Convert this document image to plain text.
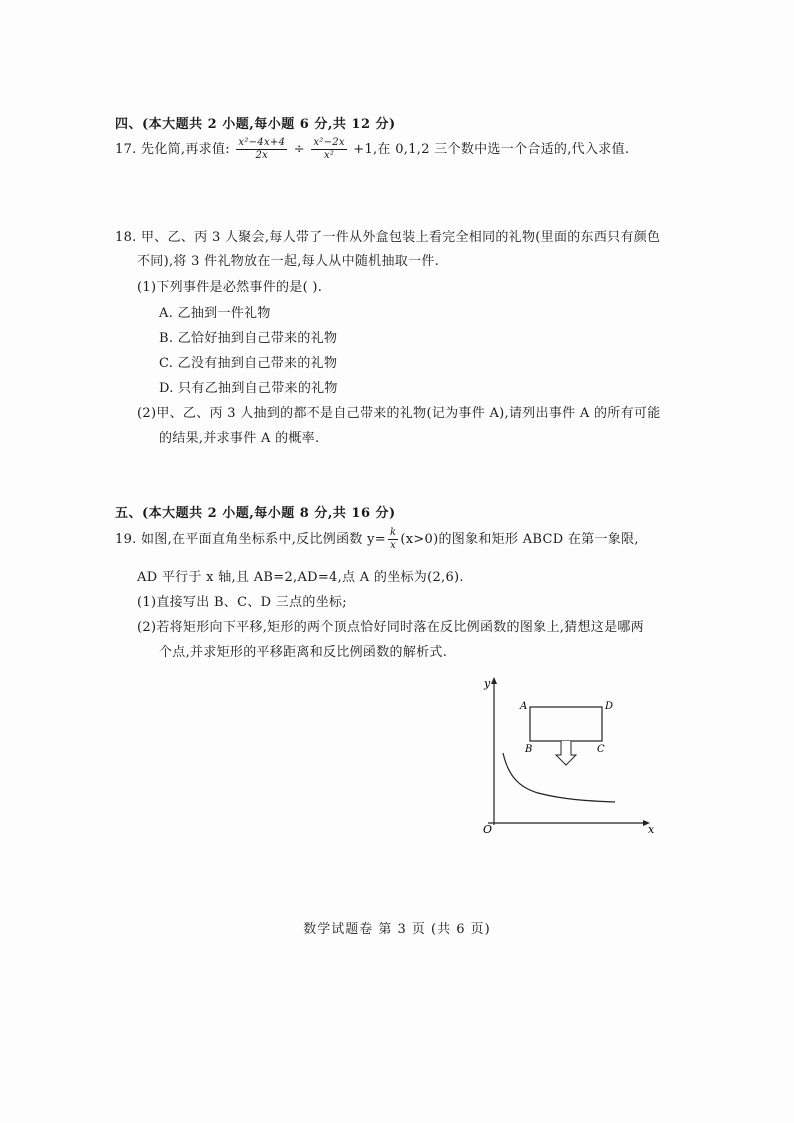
四、(本大题共 2 小题,每小题 6 分,共 12 分)
17. 先化简,再求值: $\frac{\text{x²−4x+4}}{2x} \div \frac{\text{x²−2x}}{\text{x²}} +1$,在 0,1,2 三个数中选一个合适的,代入求值.
18. 甲、乙、丙 3 人聚会,每人带了一件从外盒包装上看完全相同的礼物(里面的东西只有颜色
不同),将 3 件礼物放在一起,每人从中随机抽取一件.
(1)下列事件是必然事件的是( ).
A. 乙抽到一件礼物
B. 乙恰好抽到自己带来的礼物
C. 乙没有抽到自己带来的礼物
D. 只有乙抽到自己带来的礼物
(2)甲、乙、丙 3 人抽到的都不是自己带来的礼物(记为事件 A),请列出事件 A 的所有可能
的结果,并求事件 A 的概率.
五、(本大题共 2 小题,每小题 8 分,共 16 分)
19. 如图,在平面直角坐标系中,反比例函数 $y= \frac{k}{x} (x>0)$的图象和矩形 ABCD 在第一象限,
AD 平行于 x 轴,且 AB=2,AD=4,点 A 的坐标为(2,6).
(1)直接写出 B、C、D 三点的坐标;
(2)若将矩形向下平移,矩形的两个顶点恰好同时落在反比例函数的图象上,猜想这是哪两
个点,并求矩形的平移距离和反比例函数的解析式.
y
x
O
A
B	C
D
数学试题卷 第 3 页 (共 6 页)
